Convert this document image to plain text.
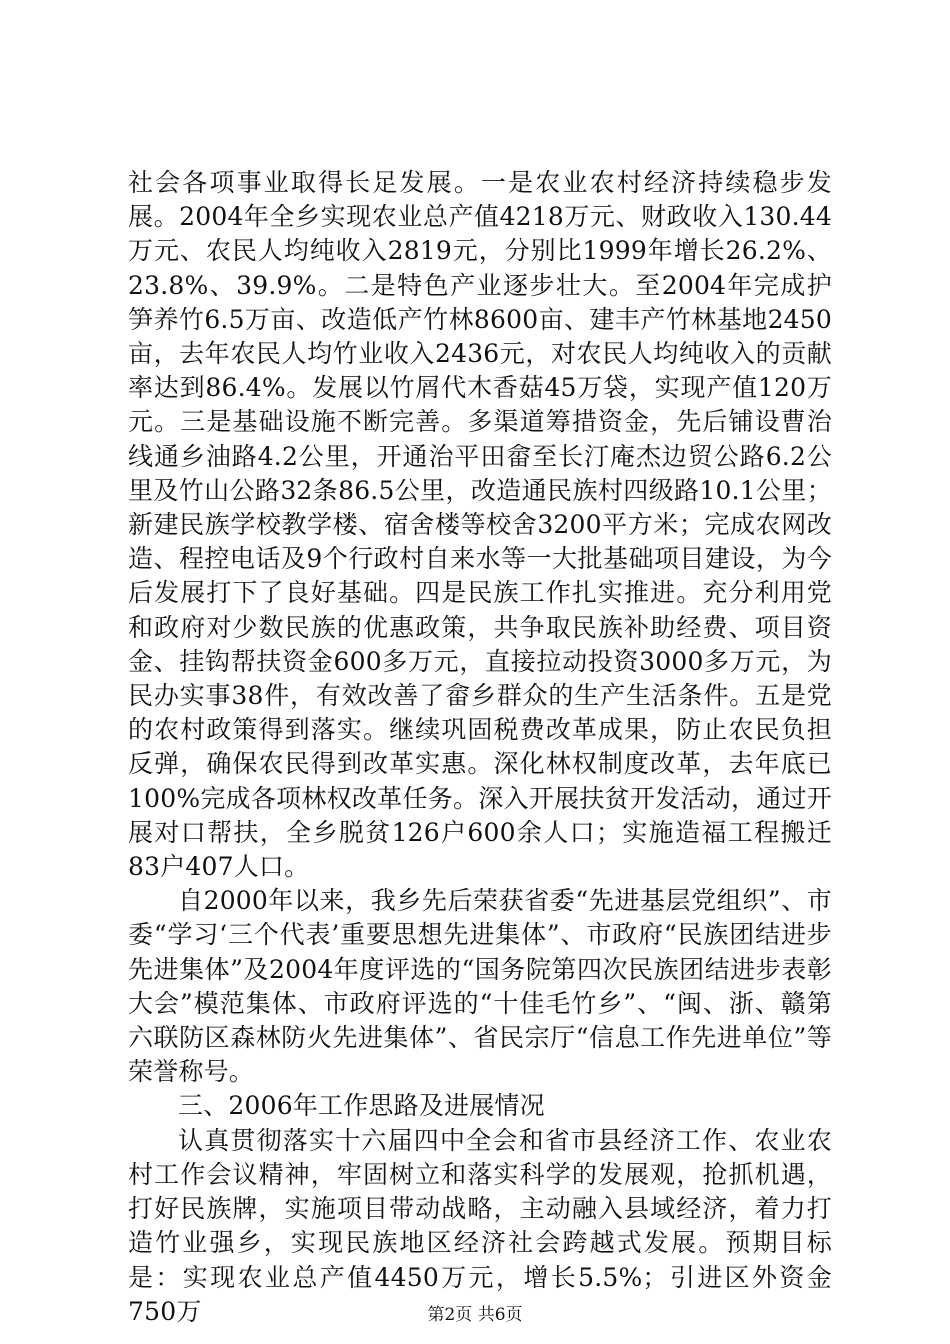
社会各项事业取得长足发展。一是农业农村经济持续稳步发展。2004年全乡实现农业总产值4218万元、财政收入130.44万元、农民人均纯收入2819元，分别比1999年增长26.2%、23.8%、39.9%。二是特色产业逐步壮大。至2004年完成护笋养竹6.5万亩、改造低产竹林8600亩、建丰产竹林基地2450亩，去年农民人均竹业收入2436元，对农民人均纯收入的贡献率达到86.4%。发展以竹屑代木香菇45万袋，实现产值120万元。三是基础设施不断完善。多渠道筹措资金，先后铺设曹治线通乡油路4.2公里，开通治平田畲至长汀庵杰边贸公路6.2公里及竹山公路32条86.5公里，改造通民族村四级路10.1公里；新建民族学校教学楼、宿舍楼等校舍3200平方米；完成农网改造、程控电话及9个行政村自来水等一大批基础项目建设，为今后发展打下了良好基础。四是民族工作扎实推进。充分利用党和政府对少数民族的优惠政策，共争取民族补助经费、项目资金、挂钩帮扶资金600多万元，直接拉动投资3000多万元，为民办实事38件，有效改善了畲乡群众的生产生活条件。五是党的农村政策得到落实。继续巩固税费改革成果，防止农民负担反弹，确保农民得到改革实惠。深化林权制度改革，去年底已100%完成各项林权改革任务。深入开展扶贫开发活动，通过开展对口帮扶，全乡脱贫126户600余人口；实施造福工程搬迁83户407人口。

自2000年以来，我乡先后荣获省委“先进基层党组织”、市委“学习‘三个代表’重要思想先进集体”、市政府“民族团结进步先进集体”及2004年度评选的“国务院第四次民族团结进步表彰大会”模范集体、市政府评选的“十佳毛竹乡”、“闽、浙、赣第六联防区森林防火先进集体”、省民宗厅“信息工作先进单位”等荣誉称号。

三、2006年工作思路及进展情况

认真贯彻落实十六届四中全会和省市县经济工作、农业农村工作会议精神，牢固树立和落实科学的发展观，抢抓机遇，打好民族牌，实施项目带动战略，主动融入县域经济，着力打造竹业强乡，实现民族地区经济社会跨越式发展。预期目标是：实现农业总产值4450万元，增长5.5%；引进区外资金750万	第2页 共6页
